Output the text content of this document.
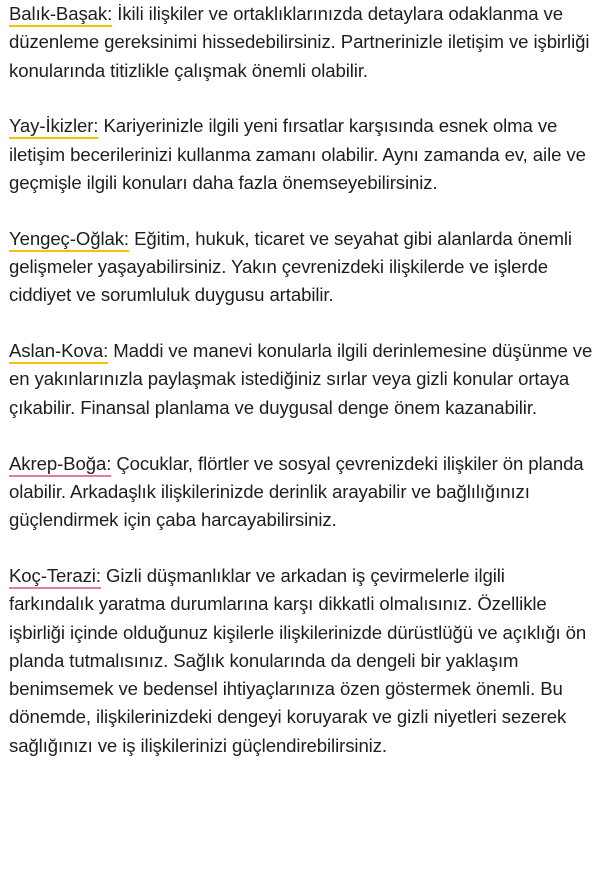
Balık-Başak: İkili ilişkiler ve ortaklıklarınızda detaylara odaklanma ve düzenleme gereksinimi hissedebilirsiniz. Partnerinizle iletişim ve işbirliği konularında titizlikle çalışmak önemli olabilir.

Yay-İkizler: Kariyerinizle ilgili yeni fırsatlar karşısında esnek olma ve iletişim becerilerinizi kullanma zamanı olabilir. Aynı zamanda ev, aile ve geçmişle ilgili konuları daha fazla önemseyebilirsiniz.

Yengeç-Oğlak: Eğitim, hukuk, ticaret ve seyahat gibi alanlarda önemli gelişmeler yaşayabilirsiniz. Yakın çevrenizdeki ilişkilerde ve işlerde ciddiyet ve sorumluluk duygusu artabilir.

Aslan-Kova: Maddi ve manevi konularla ilgili derinlemesine düşünme ve en yakınlarınızla paylaşmak istediğiniz sırlar veya gizli konular ortaya çıkabilir. Finansal planlama ve duygusal denge önem kazanabilir.

Akrep-Boğa: Çocuklar, flörtler ve sosyal çevrenizdeki ilişkiler ön planda olabilir. Arkadaşlık ilişkilerinizde derinlik arayabilir ve bağlılığınızı güçlendirmek için çaba harcayabilirsiniz.

Koç-Terazi: Gizli düşmanlıklar ve arkadan iş çevirmelerle ilgili farkındalık yaratma durumlarına karşı dikkatli olmalısınız. Özellikle işbirliği içinde olduğunuz kişilerle ilişkilerinizde dürüstlüğü ve açıklığı ön planda tutmalısınız. Sağlık konularında da dengeli bir yaklaşım benimsemek ve bedensel ihtiyaçlarınıza özen göstermek önemli. Bu dönemde, ilişkilerinizdeki dengeyi koruyarak ve gizli niyetleri sezerek sağlığınızı ve iş ilişkilerinizi güçlendirebilirsiniz.
